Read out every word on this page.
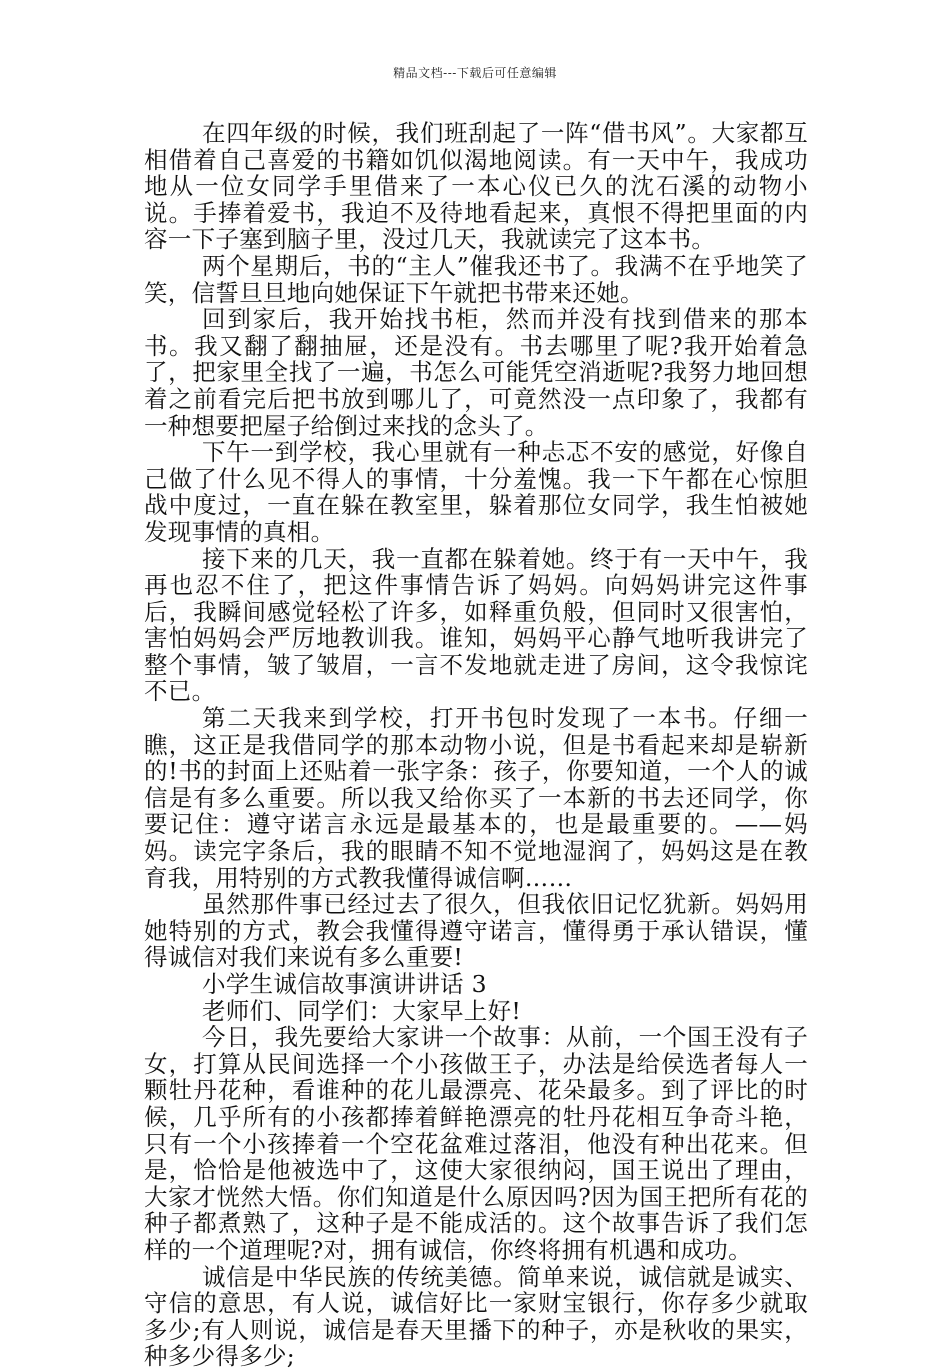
精品文档---下载后可任意编辑

在四年级的时候，我们班刮起了一阵“借书风”。大家都互相借着自己喜爱的书籍如饥似渴地阅读。有一天中午，我成功地从一位女同学手里借来了一本心仪已久的沈石溪的动物小说。手捧着爱书，我迫不及待地看起来，真恨不得把里面的内容一下子塞到脑子里，没过几天，我就读完了这本书。

两个星期后，书的“主人”催我还书了。我满不在乎地笑了笑，信誓旦旦地向她保证下午就把书带来还她。

回到家后，我开始找书柜，然而并没有找到借来的那本书。我又翻了翻抽屉，还是没有。书去哪里了呢?我开始着急了，把家里全找了一遍，书怎么可能凭空消逝呢?我努力地回想着之前看完后把书放到哪儿了，可竟然没一点印象了，我都有一种想要把屋子给倒过来找的念头了。

下午一到学校，我心里就有一种忐忑不安的感觉，好像自己做了什么见不得人的事情，十分羞愧。我一下午都在心惊胆战中度过，一直在躲在教室里，躲着那位女同学，我生怕被她发现事情的真相。

接下来的几天，我一直都在躲着她。终于有一天中午，我再也忍不住了，把这件事情告诉了妈妈。向妈妈讲完这件事后，我瞬间感觉轻松了许多，如释重负般，但同时又很害怕，害怕妈妈会严厉地教训我。谁知，妈妈平心静气地听我讲完了整个事情，皱了皱眉，一言不发地就走进了房间，这令我惊诧不已。

第二天我来到学校，打开书包时发现了一本书。仔细一瞧，这正是我借同学的那本动物小说，但是书看起来却是崭新的!书的封面上还贴着一张字条：孩子，你要知道，一个人的诚信是有多么重要。所以我又给你买了一本新的书去还同学，你要记住：遵守诺言永远是最基本的，也是最重要的。——妈妈。读完字条后，我的眼睛不知不觉地湿润了，妈妈这是在教育我，用特别的方式教我懂得诚信啊……

虽然那件事已经过去了很久，但我依旧记忆犹新。妈妈用她特别的方式，教会我懂得遵守诺言，懂得勇于承认错误，懂得诚信对我们来说有多么重要!

小学生诚信故事演讲讲话 3

老师们、同学们：大家早上好!

今日，我先要给大家讲一个故事：从前，一个国王没有子女，打算从民间选择一个小孩做王子，办法是给侯选者每人一颗牡丹花种，看谁种的花儿最漂亮、花朵最多。到了评比的时候，几乎所有的小孩都捧着鲜艳漂亮的牡丹花相互争奇斗艳，只有一个小孩捧着一个空花盆难过落泪，他没有种出花来。但是，恰恰是他被选中了，这使大家很纳闷，国王说出了理由，大家才恍然大悟。你们知道是什么原因吗?因为国王把所有花的种子都煮熟了，这种子是不能成活的。这个故事告诉了我们怎样的一个道理呢?对，拥有诚信，你终将拥有机遇和成功。

诚信是中华民族的传统美德。简单来说，诚信就是诚实、守信的意思，有人说，诚信好比一家财宝银行，你存多少就取多少;有人则说，诚信是春天里播下的种子，亦是秋收的果实，种多少得多少;
